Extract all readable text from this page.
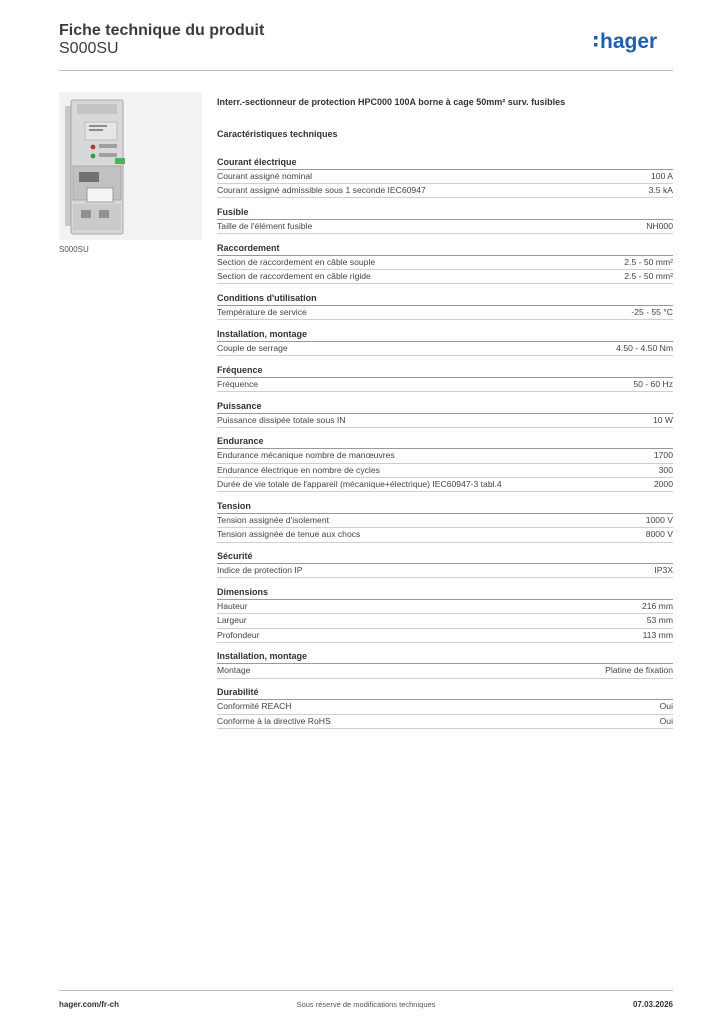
Fiche technique du produit
S000SU	hager
S000SU
Interr.-sectionneur de protection HPC000 100A borne à cage 50mm² surv. fusibles
Caractéristiques techniques
Courant électrique
Courant assigné nominal	100 A
Courant assigné admissible sous 1 seconde IEC60947	3.5 kA
Fusible
Taille de l'élément fusible	NH000
Raccordement
Section de raccordement en câble souple	2.5 - 50 mm²
Section de raccordement en câble rigide	2.5 - 50 mm²
Conditions d'utilisation
Température de service	-25 - 55 °C
Installation, montage
Couple de serrage	4.50 - 4.50 Nm
Fréquence
Fréquence	50 - 60 Hz
Puissance
Puissance dissipée totale sous IN	10 W
Endurance
Endurance mécanique nombre de manœuvres	1700
Endurance électrique en nombre de cycles	300
Durée de vie totale de l'appareil (mécanique+électrique) IEC60947-3 tabl.4	2000
Tension
Tension assignée d'isolement	1000 V
Tension assignée de tenue aux chocs	8000 V
Sécurité
Indice de protection IP	IP3X
Dimensions
Hauteur	216 mm
Largeur	53 mm
Profondeur	113 mm
Installation, montage
Montage	Platine de fixation
Durabilité
Conformité REACH	Oui
Conforme à la directive RoHS	Oui
hager.com/fr-ch	Sous réserve de modifications techniques	07.03.2026
